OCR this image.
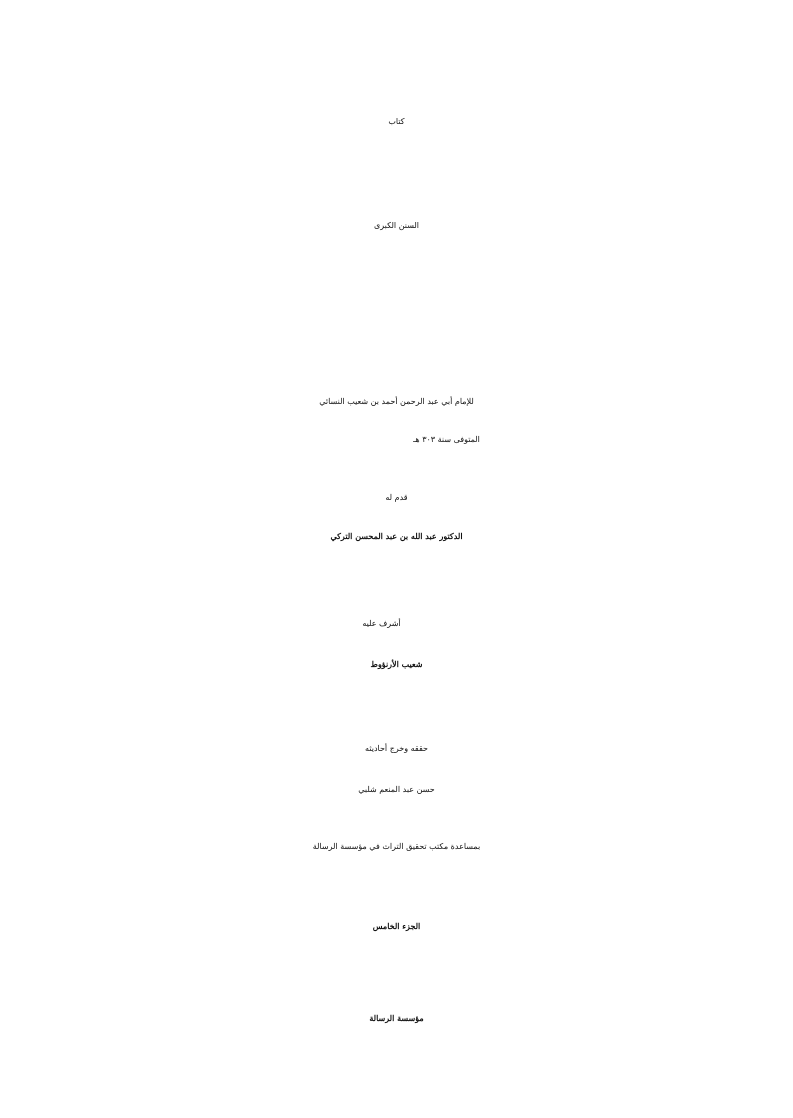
كتاب
السنن الكبرى
للإمام أبي عبد الرحمن أحمد بن شعيب النسائي
المتوفى سنة ٣٠٣ هـ
قدم له
الدكتور عبد الله بن عبد المحسن التركي
أشرف عليه
شعيب الأرنؤوط
حققه وخرج أحاديثه
حسن عبد المنعم شلبي
بمساعدة مكتب تحقيق التراث في مؤسسة الرسالة
الجزء الخامس
مؤسسة الرسالة
